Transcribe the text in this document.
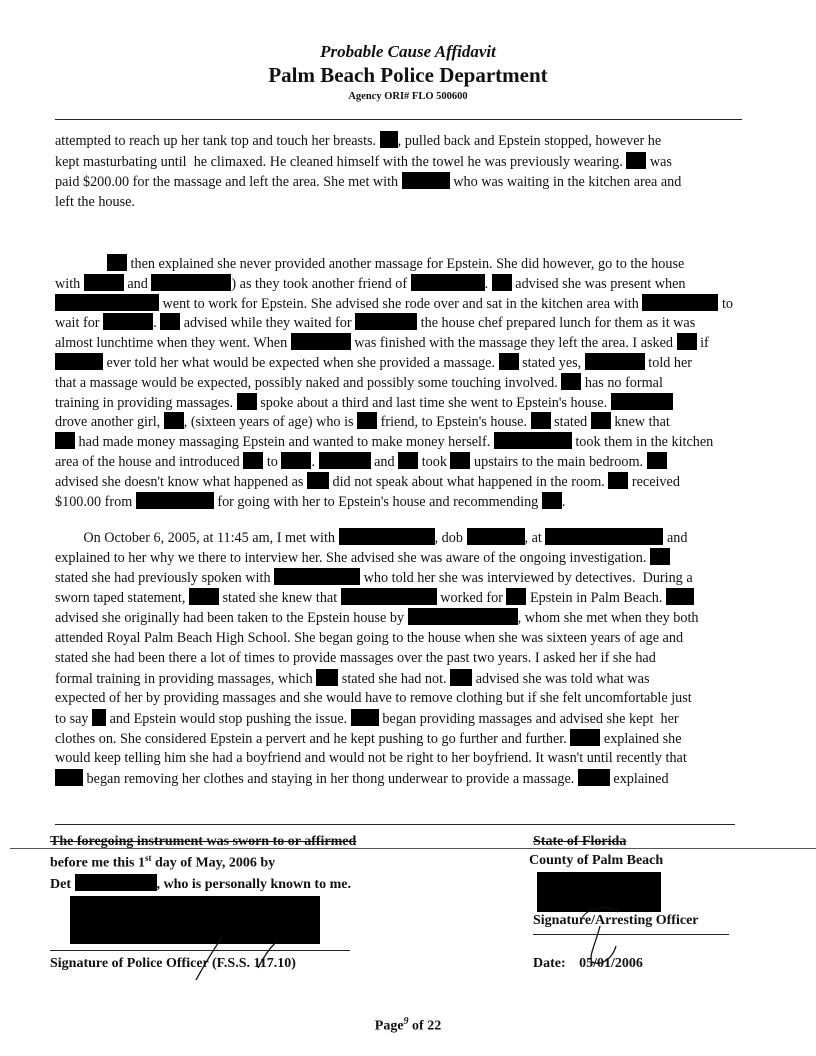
Probable Cause Affidavit
Palm Beach Police Department
Agency ORI# FLO 500600
attempted to reach up her tank top and touch her breasts. , pulled back and Epstein stopped, however he
kept masturbating until  he climaxed. He cleaned himself with the towel he was previously wearing.  was
paid $200.00 for the massage and left the area. She met with	who was waiting in the kitchen area and
left the house.
then explained she never provided another massage for Epstein. She did however, go to the house
with	and	) as they took another friend of	.  advised she was present when
went to work for Epstein. She advised she rode over and sat in the kitchen area with	to
wait for	.  advised while they waited for	the house chef prepared lunch for them as it was
almost lunchtime when they went. When	was finished with the massage they left the area. I asked  if
ever told her what would be expected when she provided a massage.  stated yes,	told her
that a massage would be expected, possibly naked and possibly some touching involved.  has no formal
training in providing massages.  spoke about a third and last time she went to Epstein's house.
drove another girl, , (sixteen years of age) who is  friend, to Epstein's house.  stated  knew that
had made money massaging Epstein and wanted to make money herself.	took them in the kitchen
area of the house and introduced  to .	and  took  upstairs to the main bedroom.
advised she doesn't know what happened as  did not speak about what happened in the room.  received
$100.00 from	for going with her to Epstein's house and recommending .
On October 6, 2005, at 11:45 am, I met with	, dob	, at	and
explained to her why we there to interview her. She advised she was aware of the ongoing investigation.
stated she had previously spoken with	who told her she was interviewed by detectives.  During a
sworn taped statement,  stated she knew that	worked for  Epstein in Palm Beach.
advised she originally had been taken to the Epstein house by	, whom she met when they both
attended Royal Palm Beach High School. She began going to the house when she was sixteen years of age and
stated she had been there a lot of times to provide massages over the past two years. I asked her if she had
formal training in providing massages, which  stated she had not.  advised she was told what was
expected of her by providing massages and she would have to remove clothing but if she felt uncomfortable just
to say  and Epstein would stop pushing the issue.  began providing massages and advised she kept  her
clothes on. She considered Epstein a pervert and he kept pushing to go further and further.  explained she
would keep telling him she had a boyfriend and would not be right to her boyfriend. It wasn't until recently that
began removing her clothes and staying in her thong underwear to provide a massage.  explained
The foregoing instrument was sworn to or affirmed
before me this 1st day of May, 2006 by
Det	, who is personally known to me.
Signature of Police Officer (F.S.S. 117.10)
State of Florida
County of Palm Beach
Signature/Arresting Officer
Date: 05/01/2006
Page$^9$ of 22
